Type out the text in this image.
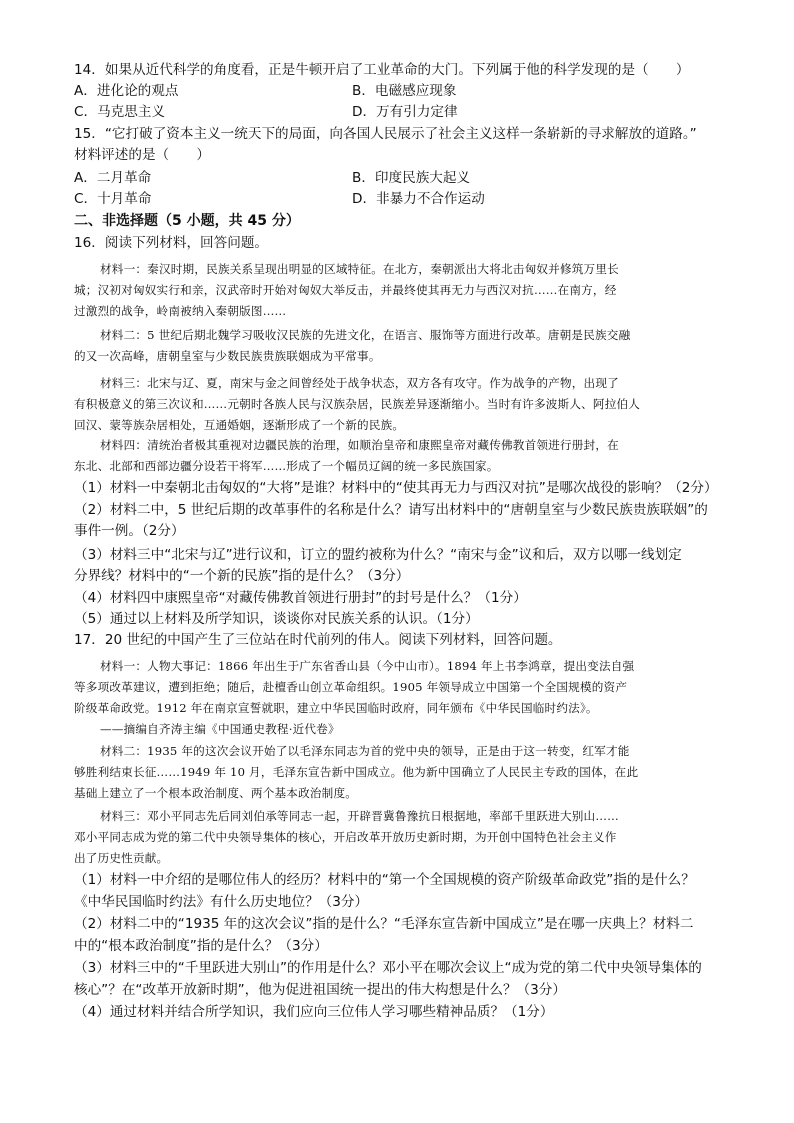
14．如果从近代科学的角度看，正是牛顿开启了工业革命的大门。下列属于他的科学发现的是（　　）
A．进化论的观点	B．电磁感应现象
C．马克思主义	D．万有引力定律
15．“它打破了资本主义一统天下的局面，向各国人民展示了社会主义这样一条崭新的寻求解放的道路。”
材料评述的是（　　）
A．二月革命	B．印度民族大起义
C．十月革命	D．非暴力不合作运动
二、非选择题（5 小题，共 45 分）
16．阅读下列材料，回答问题。
材料一：秦汉时期，民族关系呈现出明显的区域特征。在北方，秦朝派出大将北击匈奴并修筑万里长
城；汉初对匈奴实行和亲，汉武帝时开始对匈奴大举反击，并最终使其再无力与西汉对抗……在南方，经
过激烈的战争，岭南被纳入秦朝版图……
材料二：5 世纪后期北魏学习吸收汉民族的先进文化，在语言、服饰等方面进行改革。唐朝是民族交融
的又一次高峰，唐朝皇室与少数民族贵族联姻成为平常事。
材料三：北宋与辽、夏，南宋与金之间曾经处于战争状态，双方各有攻守。作为战争的产物，出现了
有积极意义的第三次议和……元朝时各族人民与汉族杂居，民族差异逐渐缩小。当时有许多波斯人、阿拉伯人
回汉、蒙等族杂居相处，互通婚姻，逐渐形成了一个新的民族。
材料四：清统治者极其重视对边疆民族的治理，如顺治皇帝和康熙皇帝对藏传佛教首领进行册封，在
东北、北部和西部边疆分设若干将军……形成了一个幅员辽阔的统一多民族国家。
（1）材料一中秦朝北击匈奴的“大将”是谁？材料中的“使其再无力与西汉对抗”是哪次战役的影响？（2分）
（2）材料二中，5 世纪后期的改革事件的名称是什么？请写出材料中的“唐朝皇室与少数民族贵族联姻”的
事件一例。（2分）
（3）材料三中“北宋与辽”进行议和，订立的盟约被称为什么？“南宋与金”议和后，双方以哪一线划定
分界线？材料中的“一个新的民族”指的是什么？（3分）
（4）材料四中康熙皇帝“对藏传佛教首领进行册封”的封号是什么？（1分）
（5）通过以上材料及所学知识，谈谈你对民族关系的认识。（1分）
17．20 世纪的中国产生了三位站在时代前列的伟人。阅读下列材料，回答问题。
材料一：人物大事记：1866 年出生于广东省香山县（今中山市）。1894 年上书李鸿章，提出变法自强
等多项改革建议，遭到拒绝；随后，赴檀香山创立革命组织。1905 年领导成立中国第一个全国规模的资产
阶级革命政党。1912 年在南京宣誓就职，建立中华民国临时政府，同年颁布《中华民国临时约法》。
——摘编自齐涛主编《中国通史教程·近代卷》
材料二：1935 年的这次会议开始了以毛泽东同志为首的党中央的领导，正是由于这一转变，红军才能
够胜利结束长征……1949 年 10 月，毛泽东宣告新中国成立。他为新中国确立了人民民主专政的国体，在此
基础上建立了一个根本政治制度、两个基本政治制度。
材料三：邓小平同志先后同刘伯承等同志一起，开辟晋冀鲁豫抗日根据地，率部千里跃进大别山……
邓小平同志成为党的第二代中央领导集体的核心，开启改革开放历史新时期，为开创中国特色社会主义作
出了历史性贡献。
（1）材料一中介绍的是哪位伟人的经历？材料中的“第一个全国规模的资产阶级革命政党”指的是什么？
《中华民国临时约法》有什么历史地位？（3分）
（2）材料二中的“1935 年的这次会议”指的是什么？“毛泽东宣告新中国成立”是在哪一庆典上？材料二
中的“根本政治制度”指的是什么？（3分）
（3）材料三中的“千里跃进大别山”的作用是什么？邓小平在哪次会议上“成为党的第二代中央领导集体的
核心”？在“改革开放新时期”，他为促进祖国统一提出的伟大构想是什么？（3分）
（4）通过材料并结合所学知识，我们应向三位伟人学习哪些精神品质？（1分）
